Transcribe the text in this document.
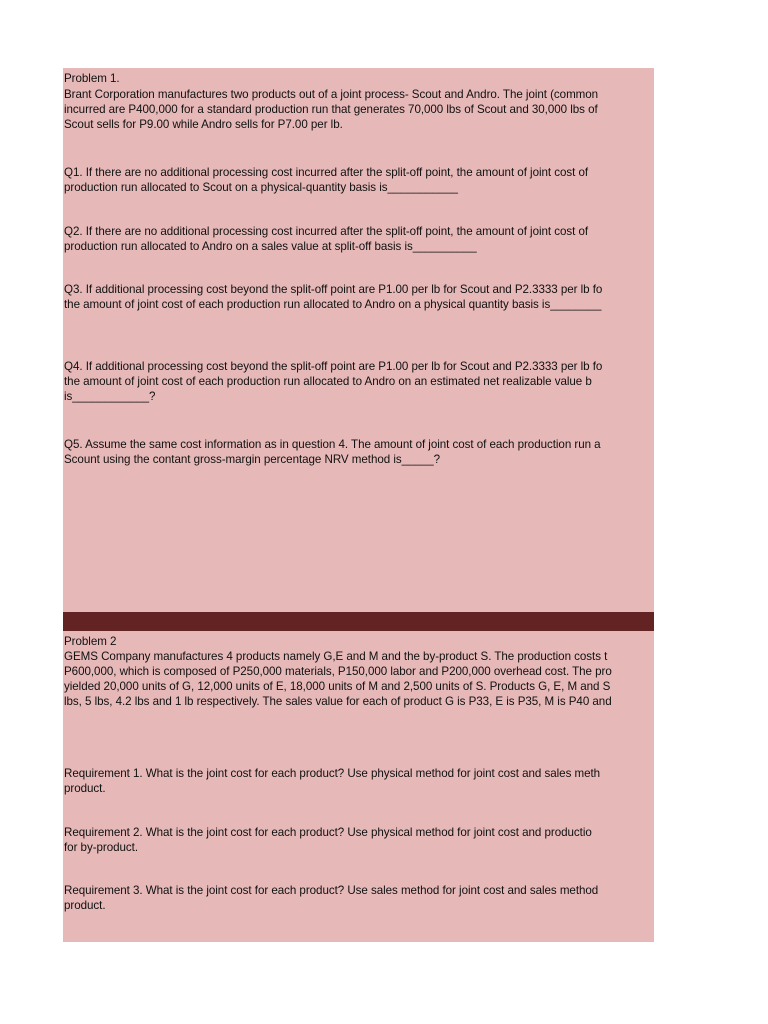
Problem 1.
Brant Corporation manufactures two products out of a joint process- Scout and Andro. The joint (common
incurred are P400,000 for a standard production run that generates 70,000 lbs of Scout and 30,000 lbs of
Scout sells for P9.00 while Andro sells for P7.00 per lb.
Q1. If there are no additional processing cost incurred after the split-off point, the amount of joint cost of
production run allocated to Scout on a physical-quantity basis is___________
Q2. If there are no additional processing cost incurred after the split-off point, the amount of joint cost of
production run allocated to Andro on a sales value at split-off basis is__________
Q3. If additional processing cost beyond the split-off point are P1.00 per lb for Scout and P2.3333 per lb fo
the amount of joint cost of each production run allocated to Andro on a physical quantity basis is________
Q4. If additional processing cost beyond the split-off point are P1.00 per lb for Scout and P2.3333 per lb fo
the amount of joint cost of each production run allocated to Andro on an estimated net realizable value b
is____________?
Q5. Assume the same cost information as in question 4. The amount of joint cost of each production run a
Scount using the contant gross-margin percentage NRV method is_____?
Problem 2
GEMS Company manufactures 4 products namely G,E and M and the by-product S. The production costs t
P600,000, which is composed of P250,000 materials, P150,000 labor and P200,000 overhead cost. The pro
yielded 20,000 units of G, 12,000 units of E, 18,000 units of M and 2,500 units of S. Products G, E, M and S
lbs, 5 lbs, 4.2 lbs and 1 lb respectively. The sales value for each of product G is P33, E is P35, M is P40 and
Requirement 1. What is the joint cost for each product? Use physical method for joint cost and sales meth
product.
Requirement 2. What is the joint cost for each product? Use physical method for joint cost and productio
for by-product.
Requirement 3. What is the joint cost for each product? Use sales method for joint cost and sales method
product.
